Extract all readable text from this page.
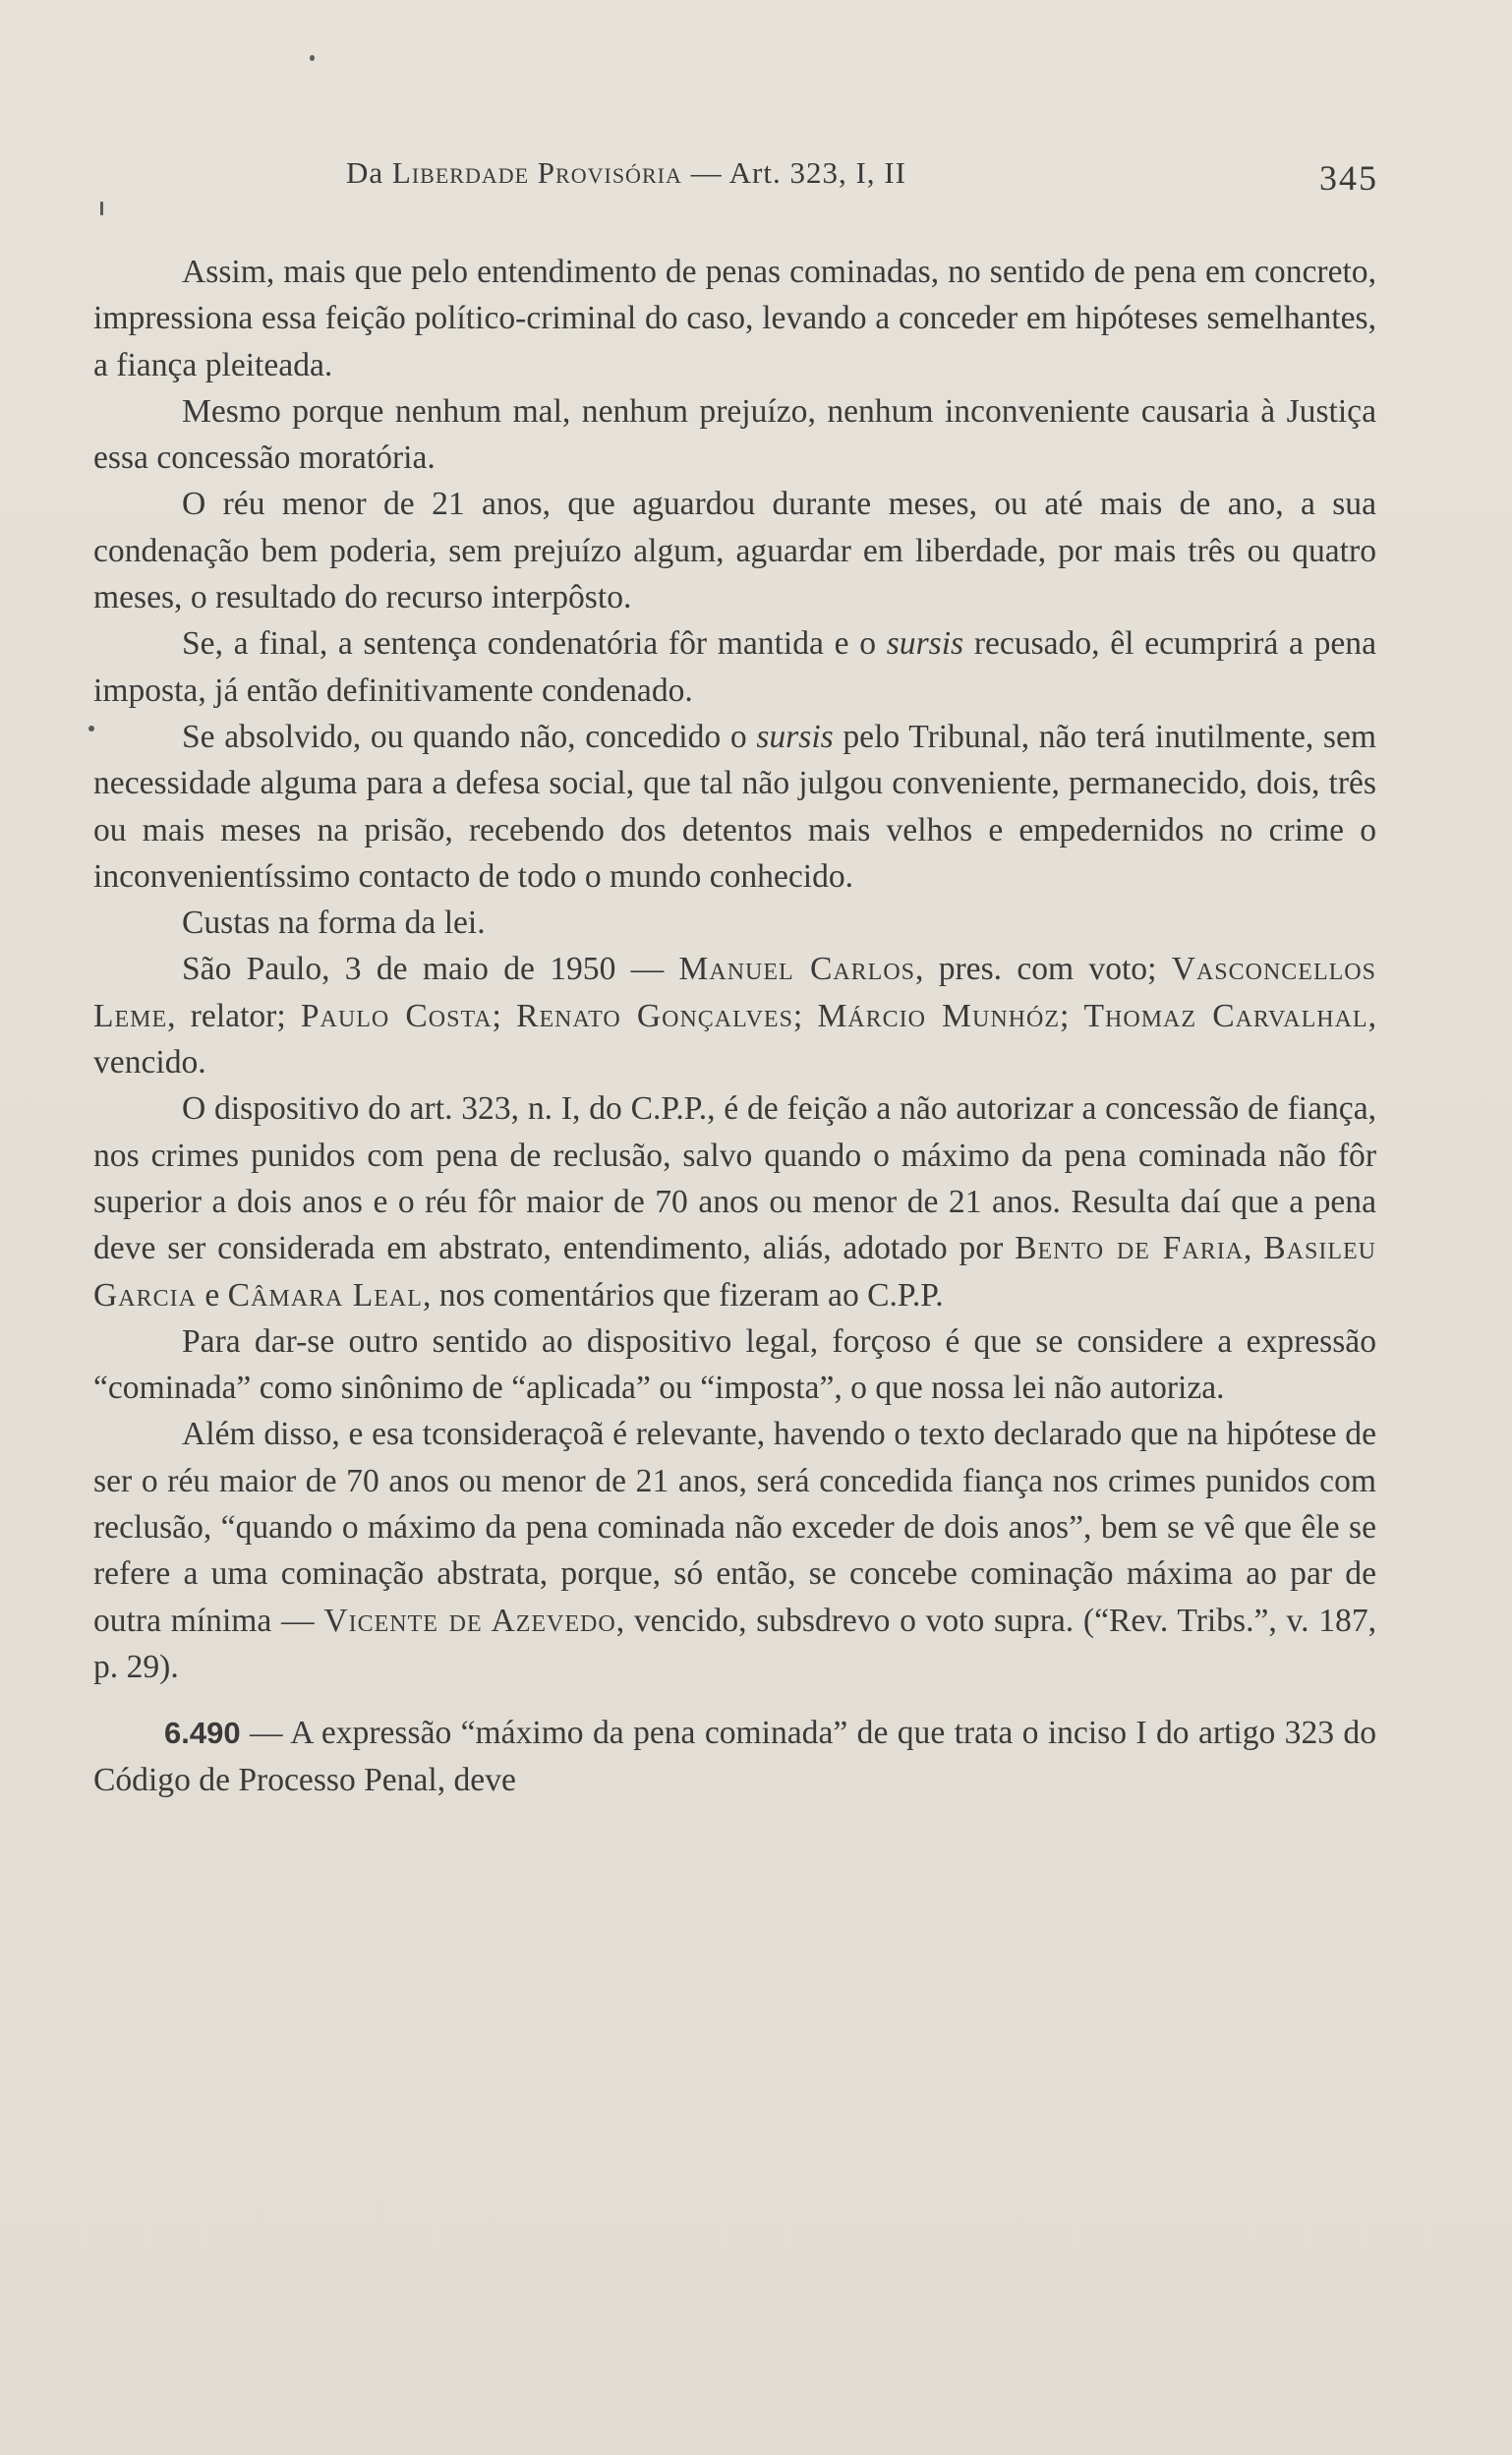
Da Liberdade Provisória — Art. 323, I, II	345

Assim, mais que pelo entendimento de penas cominadas, no sentido de pena em concreto, impressiona essa feição político-criminal do caso, levando a conceder em hipóteses semelhantes, a fiança pleiteada.

Mesmo porque nenhum mal, nenhum prejuízo, nenhum inconveniente causaria à Justiça essa concessão moratória.

O réu menor de 21 anos, que aguardou durante meses, ou até mais de ano, a sua condenação bem poderia, sem prejuízo algum, aguardar em liberdade, por mais três ou quatro meses, o resultado do recurso interpôsto.

Se, a final, a sentença condenatória fôr mantida e o sursis recusado, êl ecumprirá a pena imposta, já então definitivamente condenado.

Se absolvido, ou quando não, concedido o sursis pelo Tribunal, não terá inutilmente, sem necessidade alguma para a defesa social, que tal não julgou conveniente, permanecido, dois, três ou mais meses na prisão, recebendo dos detentos mais velhos e empedernidos no crime o inconvenientíssimo contacto de todo o mundo conhecido.

Custas na forma da lei.

São Paulo, 3 de maio de 1950 — Manuel Carlos, pres. com voto; Vasconcellos Leme, relator; Paulo Costa; Renato Gonçalves; Márcio Munhóz; Thomaz Carvalhal, vencido.

O dispositivo do art. 323, n. I, do C.P.P., é de feição a não autorizar a concessão de fiança, nos crimes punidos com pena de reclusão, salvo quando o máximo da pena cominada não fôr superior a dois anos e o réu fôr maior de 70 anos ou menor de 21 anos. Resulta daí que a pena deve ser considerada em abstrato, entendimento, aliás, adotado por Bento de Faria, Basileu Garcia e Câmara Leal, nos comentários que fizeram ao C.P.P.

Para dar-se outro sentido ao dispositivo legal, forçoso é que se considere a expressão “cominada” como sinônimo de “aplicada” ou “imposta”, o que nossa lei não autoriza.

Além disso, e esa tconsideraçoã é relevante, havendo o texto declarado que na hipótese de ser o réu maior de 70 anos ou menor de 21 anos, será concedida fiança nos crimes punidos com reclusão, “quando o máximo da pena cominada não exceder de dois anos”, bem se vê que êle se refere a uma cominação abstrata, porque, só então, se concebe cominação máxima ao par de outra mínima — Vicente de Azevedo, vencido, subsdrevo o voto supra. (“Rev. Tribs.”, v. 187, p. 29).

6.490 — A expressão “máximo da pena cominada” de que trata o inciso I do artigo 323 do Código de Processo Penal, deve
